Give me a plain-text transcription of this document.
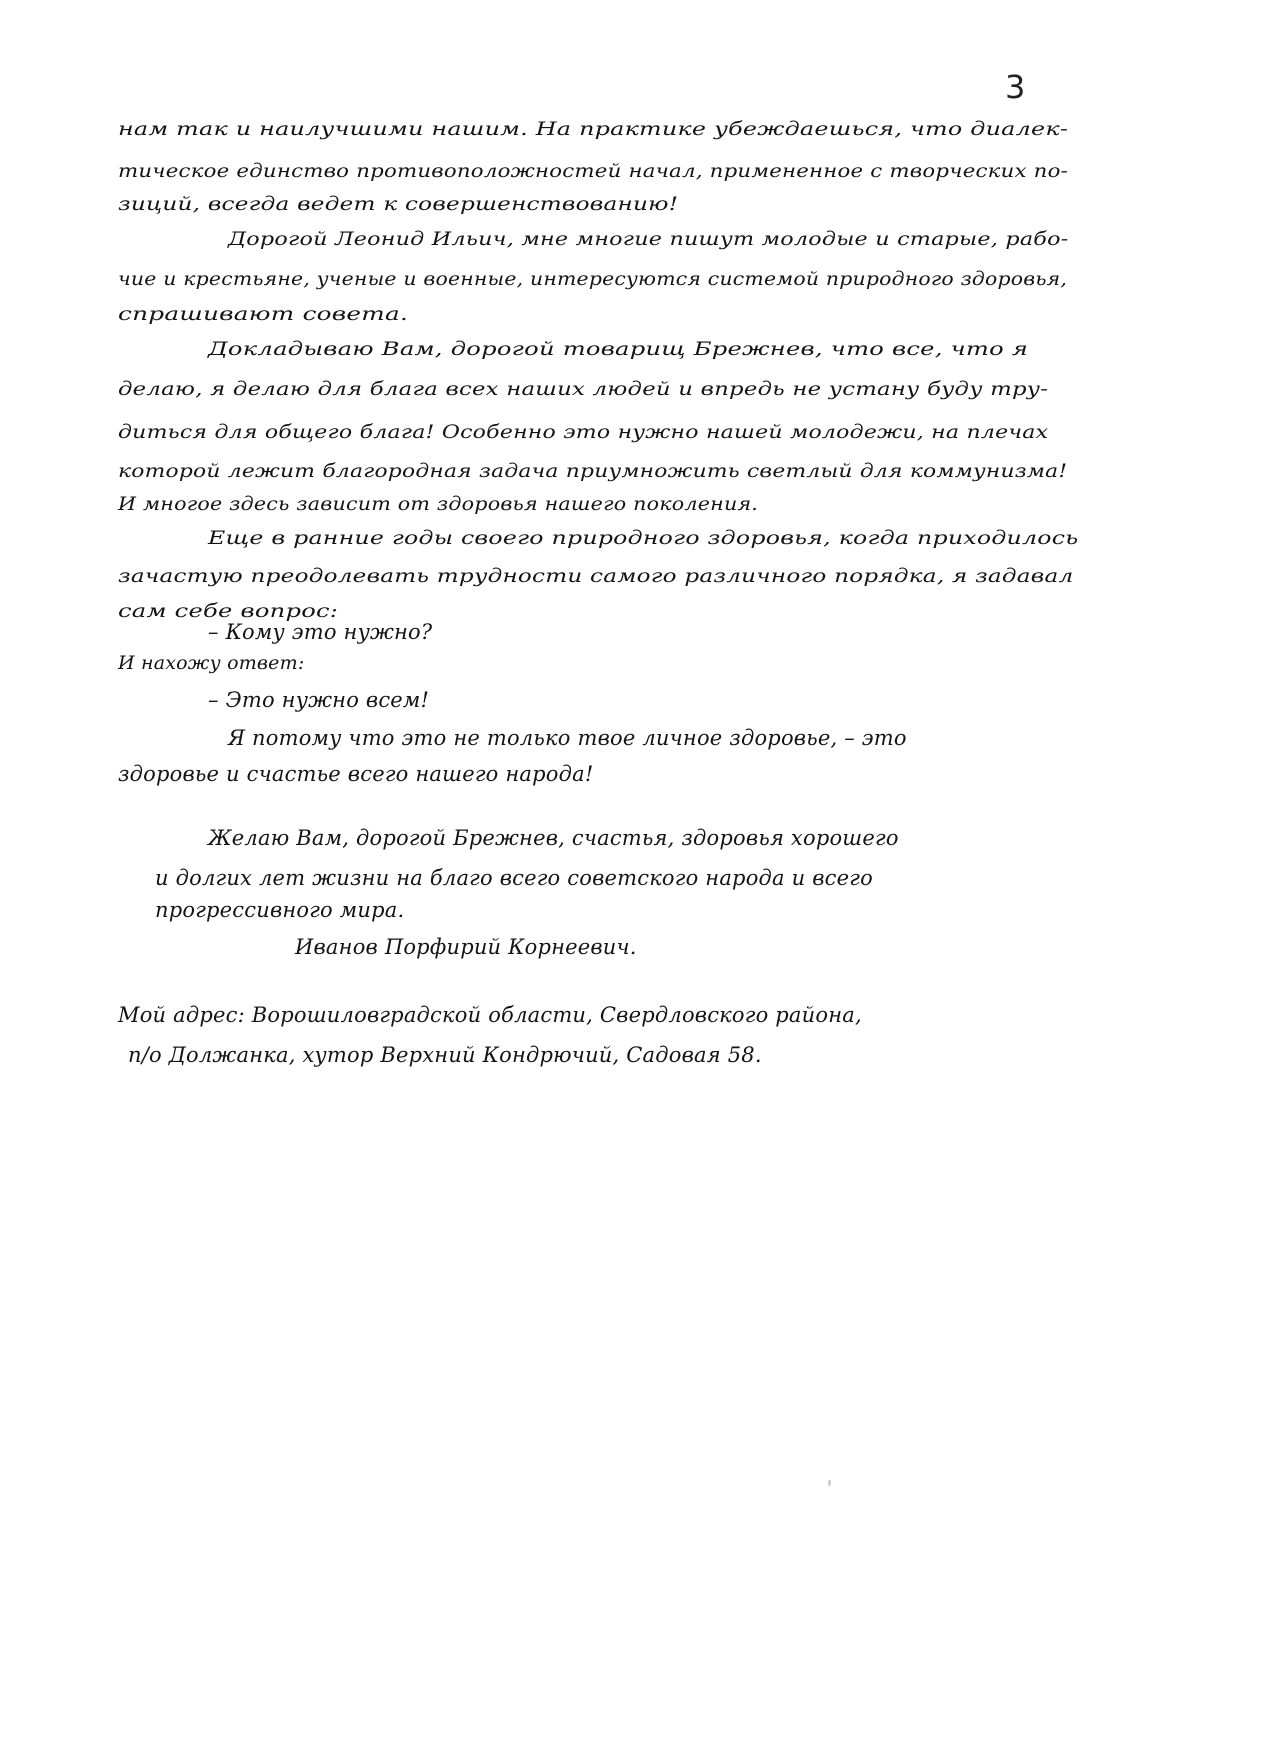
3
нам так и наилучшими нашим. На практике убеждаешься, что диалек-
тическое единство противоположностей начал, примененное с творческих по-
зиций, всегда ведет к совершенствованию!
Дорогой Леонид Ильич, мне многие пишут молодые и старые, рабо-
чие и крестьяне, ученые и военные, интересуются системой природного здоровья,
спрашивают совета.
Докладываю Вам, дорогой товарищ Брежнев, что все, что я
делаю, я делаю для блага всех наших людей и впредь не устану буду тру-
диться для общего блага! Особенно это нужно нашей молодежи, на плечах
которой лежит благородная задача приумножить светлый для коммунизма!
И многое здесь зависит от здоровья нашего поколения.
Еще в ранние годы своего природного здоровья, когда приходилось
зачастую преодолевать трудности самого различного порядка, я задавал
сам себе вопрос:
– Кому это нужно?
И нахожу ответ:
– Это нужно всем!
Я потому что это не только твое личное здоровье, – это
здоровье и счастье всего нашего народа!
Желаю Вам, дорогой Брежнев, счастья, здоровья хорошего
и долгих лет жизни на благо всего советского народа и всего
прогрессивного мира.
Иванов Порфирий Корнеевич.
Мой адрес: Ворошиловградской области, Свердловского района,
п/о Должанка, хутор Верхний Кондрючий, Садовая 58.
